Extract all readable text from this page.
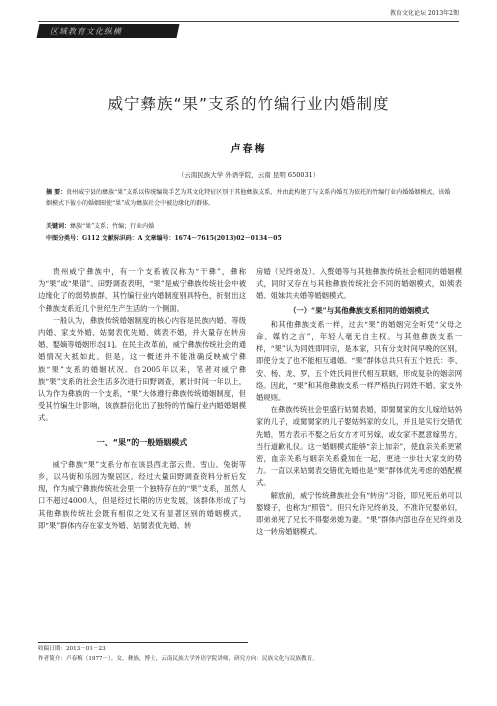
教育文化论坛 2013年2期
区域教育文化纵横
威宁彝族“果”支系的竹编行业内婚制度
卢春梅
（云南民族大学 外语学院，云南 昆明 650031）
摘 要：贵州威宁县的彝族“果”支系以传统编篾手艺为其文化特征区别于其他彝族支系，并由此构建了与支系内婚互为依托的竹编行业内婚婚姻模式，该婚姻模式下彼小的婚姻圈使“果”成为彝族社会中被边缘化的群体。
关键词：彝族“果”支系；竹编；行业内婚
中图分类号：G112 文献标识码：A 文章编号：1674－7615(2013)02－0134－05

贵州威宁彝族中，有一个支系被汉称为“干彝”，彝称为“果”或“果谱”。田野调查表明，“果”是威宁彝族传统社会中被边缘化了的弱势族群，其竹编行业内婚制度别具特色，折射出这个彝族支系近几个世纪生产生活的一个侧面。

一般认为，彝族传统婚姻制度的核心内容是民族内婚、等级内婚、家支外婚、姑舅表优先婚、姨表不婚，并大量存在转房婚、娶嫡等婚姻形态[1]。在民主改革前，威宁彝族传统社会的通婚情况大抵如此。但是，这一概述并不能准确反映威宁彝族“果”支系的婚姻状况。自2005年以来，笔者对威宁彝族“果”支系的社会生活多次进行田野调查，累计时间一年以上，认为作为彝族的一个支系，“果”大体遵行彝族传统婚姻制度，但受其竹编生计影响，该族群衍化出了独特的竹编行业内婚婚姻模式。

一、“果”的一般婚姻模式

威宁彝族“果”支系分布在该县西北部云贵、雪山、兔街等乡，以马街和乐园为聚居区。经过大量田野调查资料分析后发现，作为威宁彝族传统社会里一个独特存在的“果”支系，虽然人口不超过4000人，但是经过长期的历史发展，该群体形成了与其他彝族传统社会既有相似之处又有显著区别的婚姻模式，即“果”群体内存在家支外婚、姑舅表优先婚、转

房婚（兄终弟及）、入赘婚等与其他彝族传统社会相同的婚姻模式，同时又存在与其他彝族传统社会不同的婚姻模式，如姨表婚、姐妹共夫婚等婚姻模式。

（一）“果”与其他彝族支系相同的婚姻模式

和其他彝族支系一样，过去“果”的婚姻完全听凭“父母之命、媒妁之言”，年轻人毫无自主权。与其他彝族支系一样，“果”认为同姓即同宗，是本家，只有分支时间早晚的区别，即使分支了也不能相互通婚。“果”群体总共只有五个姓氏：李、安、杨、龙、罗，五个姓氏间世代相互联姻，形成复杂的姻亲网络。因此，“果”和其他彝族支系一样严格执行同姓不婚、家支外婚规则。

在彝族传统社会里盛行姑舅表婚，即舅舅家的女儿嫁给姑妈家的儿子，或舅舅家的儿子娶姑妈家的女儿，并且是实行交错优先婚，男方表示不娶之后女方才可另嫁，或女家不愿意嫁男方，当行道歉礼仪。这一婚姻模式能够“亲上加亲”，使血亲关系更紧密，血亲关系与姻亲关系叠加在一起，更进一步壮大家支的势力。一直以来姑舅表交错优先婚也是“果”群体优先考虑的婚配模式。

解放前，威宁传统彝族社会有“转房”习俗，即兄死后弟可以娶嫂子，也称为“照管”。但只允许兄终弟及，不准许兄娶弟妇，即弟弟死了兄长不得娶弟媳为妻。“果”群体内部也存在兄终弟及这一转房婚姻模式。

收稿日期：2013－01－23
作者简介：卢春梅（1977－），女，彝族，博士，云南民族大学外语学院讲师，研究方向：民族文化与民族教育。
